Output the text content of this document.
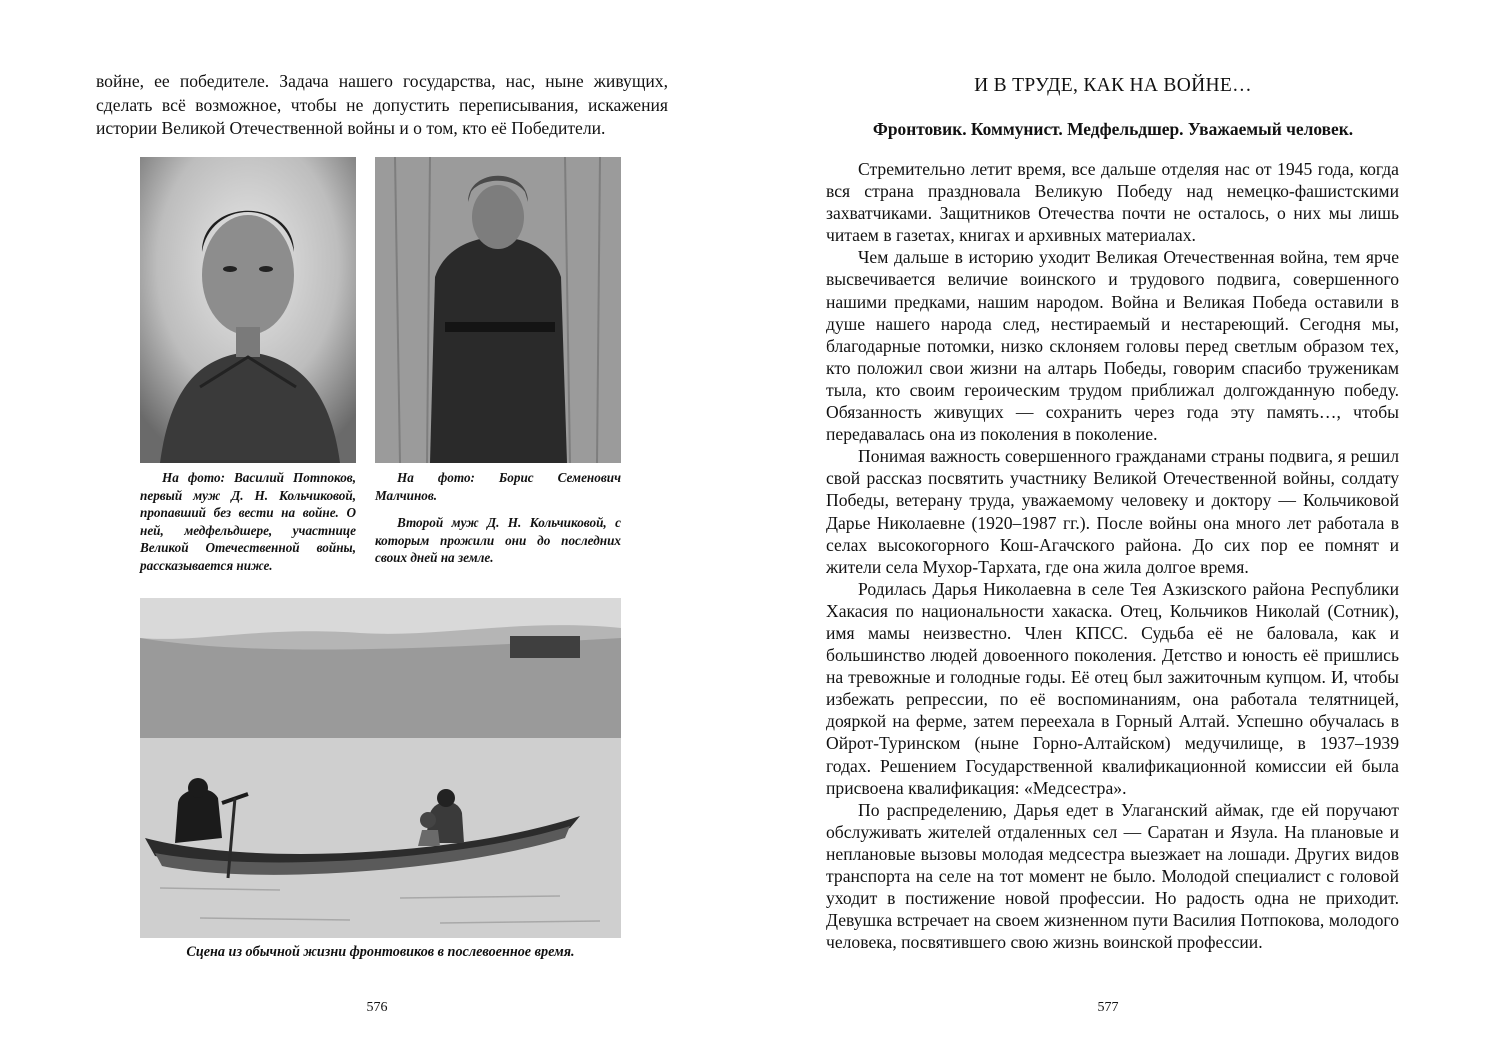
войне, ее победителе. Задача нашего государства, нас, ныне живущих, сделать всё возможное, чтобы не допустить переписывания, искажения истории Великой Отечественной войны и о том, кто её Победители.

На фото: Василий Потпоков, первый муж Д. Н. Кольчиковой, пропавший без вести на войне. О ней, медфельдшере, участнице Великой Отечественной войны, рассказывается ниже.

На фото: Борис Семенович Малчинов.

Второй муж Д. Н. Кольчиковой, с которым прожили они до последних своих дней на земле.

Сцена из обычной жизни фронтовиков в послевоенное время.

576
И В ТРУДЕ, КАК НА ВОЙНЕ…
Фронтовик. Коммунист. Медфельдшер. Уважаемый человек.

Стремительно летит время, все дальше отделяя нас от 1945 года, когда вся страна праздновала Великую Победу над немецко-фашистскими захватчиками. Защитников Отечества почти не осталось, о них мы лишь читаем в газетах, книгах и архивных материалах.

Чем дальше в историю уходит Великая Отечественная война, тем ярче высвечивается величие воинского и трудового подвига, совершенного нашими предками, нашим народом. Война и Великая Победа оставили в душе нашего народа след, нестираемый и нестареющий. Сегодня мы, благодарные потомки, низко склоняем головы перед светлым образом тех, кто положил свои жизни на алтарь Победы, говорим спасибо труженикам тыла, кто своим героическим трудом приближал долгожданную победу. Обязанность живущих — сохранить через года эту память…, чтобы передавалась она из поколения в поколение.

Понимая важность совершенного гражданами страны подвига, я решил свой рассказ посвятить участнику Великой Отечественной войны, солдату Победы, ветерану труда, уважаемому человеку и доктору — Кольчиковой Дарье Николаевне (1920–1987 гг.). После войны она много лет работала в селах высокогорного Кош-Агачского района. До сих пор ее помнят и жители села Мухор-Тархата, где она жила долгое время.

Родилась Дарья Николаевна в селе Тея Азкизского района Республики Хакасия по национальности хакаска. Отец, Кольчиков Николай (Сотник), имя мамы неизвестно. Член КПСС. Судьба её не баловала, как и большинство людей довоенного поколения. Детство и юность её пришлись на тревожные и голодные годы. Её отец был зажиточным купцом. И, чтобы избежать репрессии, по её воспоминаниям, она работала телятницей, дояркой на ферме, затем переехала в Горный Алтай. Успешно обучалась в Ойрот-Туринском (ныне Горно-Алтайском) медучилище, в 1937–1939 годах. Решением Государственной квалификационной комиссии ей была присвоена квалификация: «Медсестра».

По распределению, Дарья едет в Улаганский аймак, где ей поручают обслуживать жителей отдаленных сел — Саратан и Язула. На плановые и неплановые вызовы молодая медсестра выезжает на лошади. Других видов транспорта на селе на тот момент не было. Молодой специалист с головой уходит в постижение новой профессии. Но радость одна не приходит. Девушка встречает на своем жизненном пути Василия Потпокова, молодого человека, посвятившего свою жизнь воинской профессии.

577
